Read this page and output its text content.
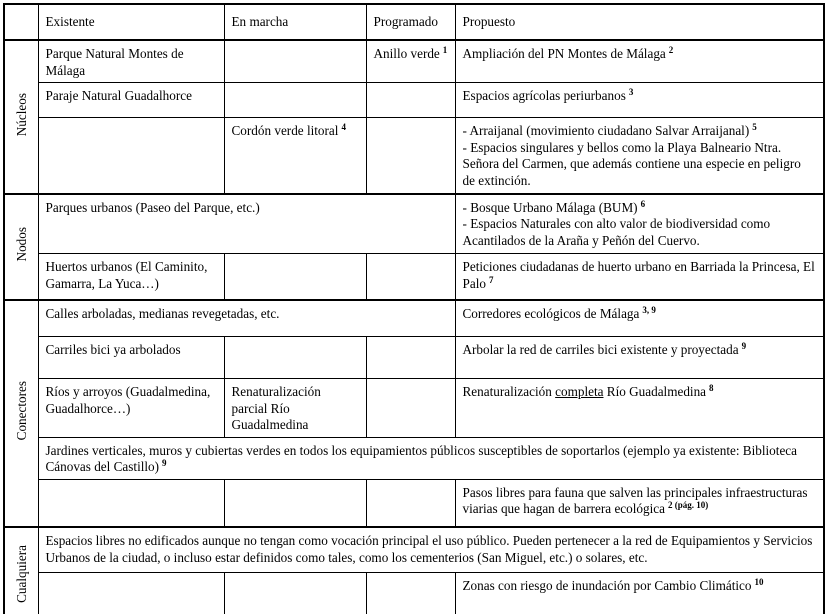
	Existente	En marcha	Programado	Propuesto
Núcleos	Parque Natural Montes de Málaga		Anillo verde $^1$	Ampliación del PN Montes de Málaga $^2$
	Paraje Natural Guadalhorce			Espacios agrícolas periurbanos $^3$
		Cordón verde litoral $^4$		- Arraijanal (movimiento ciudadano Salvar Arraijanal) $^5$
- Espacios singulares y bellos como la Playa Balneario Ntra. Señora del Carmen, que además contiene una especie en peligro de extinción.

Nodos	Parques urbanos (Paseo del Parque, etc.)			- Bosque Urbano Málaga (BUM) $^6$
- Espacios Naturales con alto valor de biodiversidad como Acantilados de la Araña y Peñón del Cuervo.

	Huertos urbanos (El Caminito, Gamarra, La Yuca…)			Peticiones ciudadanas de huerto urbano en Barriada la Princesa, El Palo $^7$
Conectores	Calles arboladas, medianas revegetadas, etc.			Corredores ecológicos de Málaga $^{3, 9}$
	Carriles bici ya arbolados			Arbolar la red de carriles bici existente y proyectada $^9$
	Ríos y arroyos (Guadalmedina, Guadalhorce…)	Renaturalización parcial Río Guadalmedina		Renaturalización completa Río Guadalmedina $^8$
	Jardines verticales, muros y cubiertas verdes en todos los equipamientos públicos susceptibles de soportarlos (ejemplo ya existente: Biblioteca Cánovas del Castillo) $^9$
				Pasos libres para fauna que salven las principales infraestructuras viarias que hagan de barrera ecológica $^{2 (pág. 10)}$
Cualquiera	Espacios libres no edificados aunque no tengan como vocación principal el uso público. Pueden pertenecer a la red de Equipamientos y Servicios Urbanos de la ciudad, o incluso estar definidos como tales, como los cementerios (San Miguel, etc.) o solares, etc.			
				Zonas con riesgo de inundación por Cambio Climático $^{10}$
